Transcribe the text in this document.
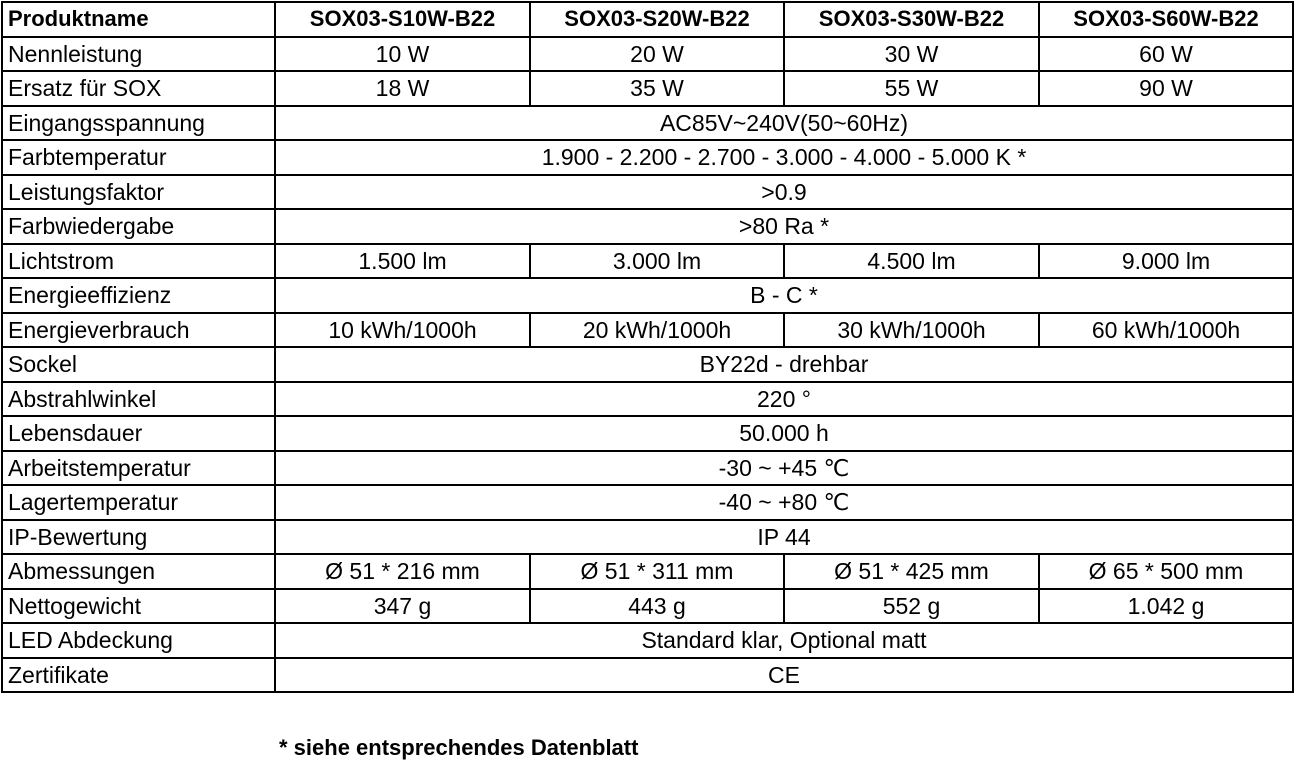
Produktname	SOX03-S10W-B22	SOX03-S20W-B22	SOX03-S30W-B22	SOX03-S60W-B22
Nennleistung	10 W	20 W	30 W	60 W
Ersatz für SOX	18 W	35 W	55 W	90 W
Eingangsspannung	AC85V~240V(50~60Hz)			
Farbtemperatur	1.900 - 2.200 - 2.700 - 3.000 - 4.000 - 5.000 K *			
Leistungsfaktor	>0.9			
Farbwiedergabe	>80 Ra *			
Lichtstrom	1.500 lm	3.000 lm	4.500 lm	9.000 lm
Energieeffizienz	B - C *			
Energieverbrauch	10 kWh/1000h	20 kWh/1000h	30 kWh/1000h	60 kWh/1000h
Sockel	BY22d - drehbar			
Abstrahlwinkel	220 °			
Lebensdauer	50.000 h			
Arbeitstemperatur	-30 ~ +45 ℃			
Lagertemperatur	-40 ~ +80 ℃			
IP-Bewertung	IP 44			
Abmessungen	Ø 51 * 216 mm	Ø 51 * 311 mm	Ø 51 * 425 mm	Ø 65 * 500 mm
Nettogewicht	347 g	443 g	552 g	1.042 g
LED Abdeckung	Standard klar, Optional matt			
Zertifikate	CE			
* siehe entsprechendes Datenblatt
